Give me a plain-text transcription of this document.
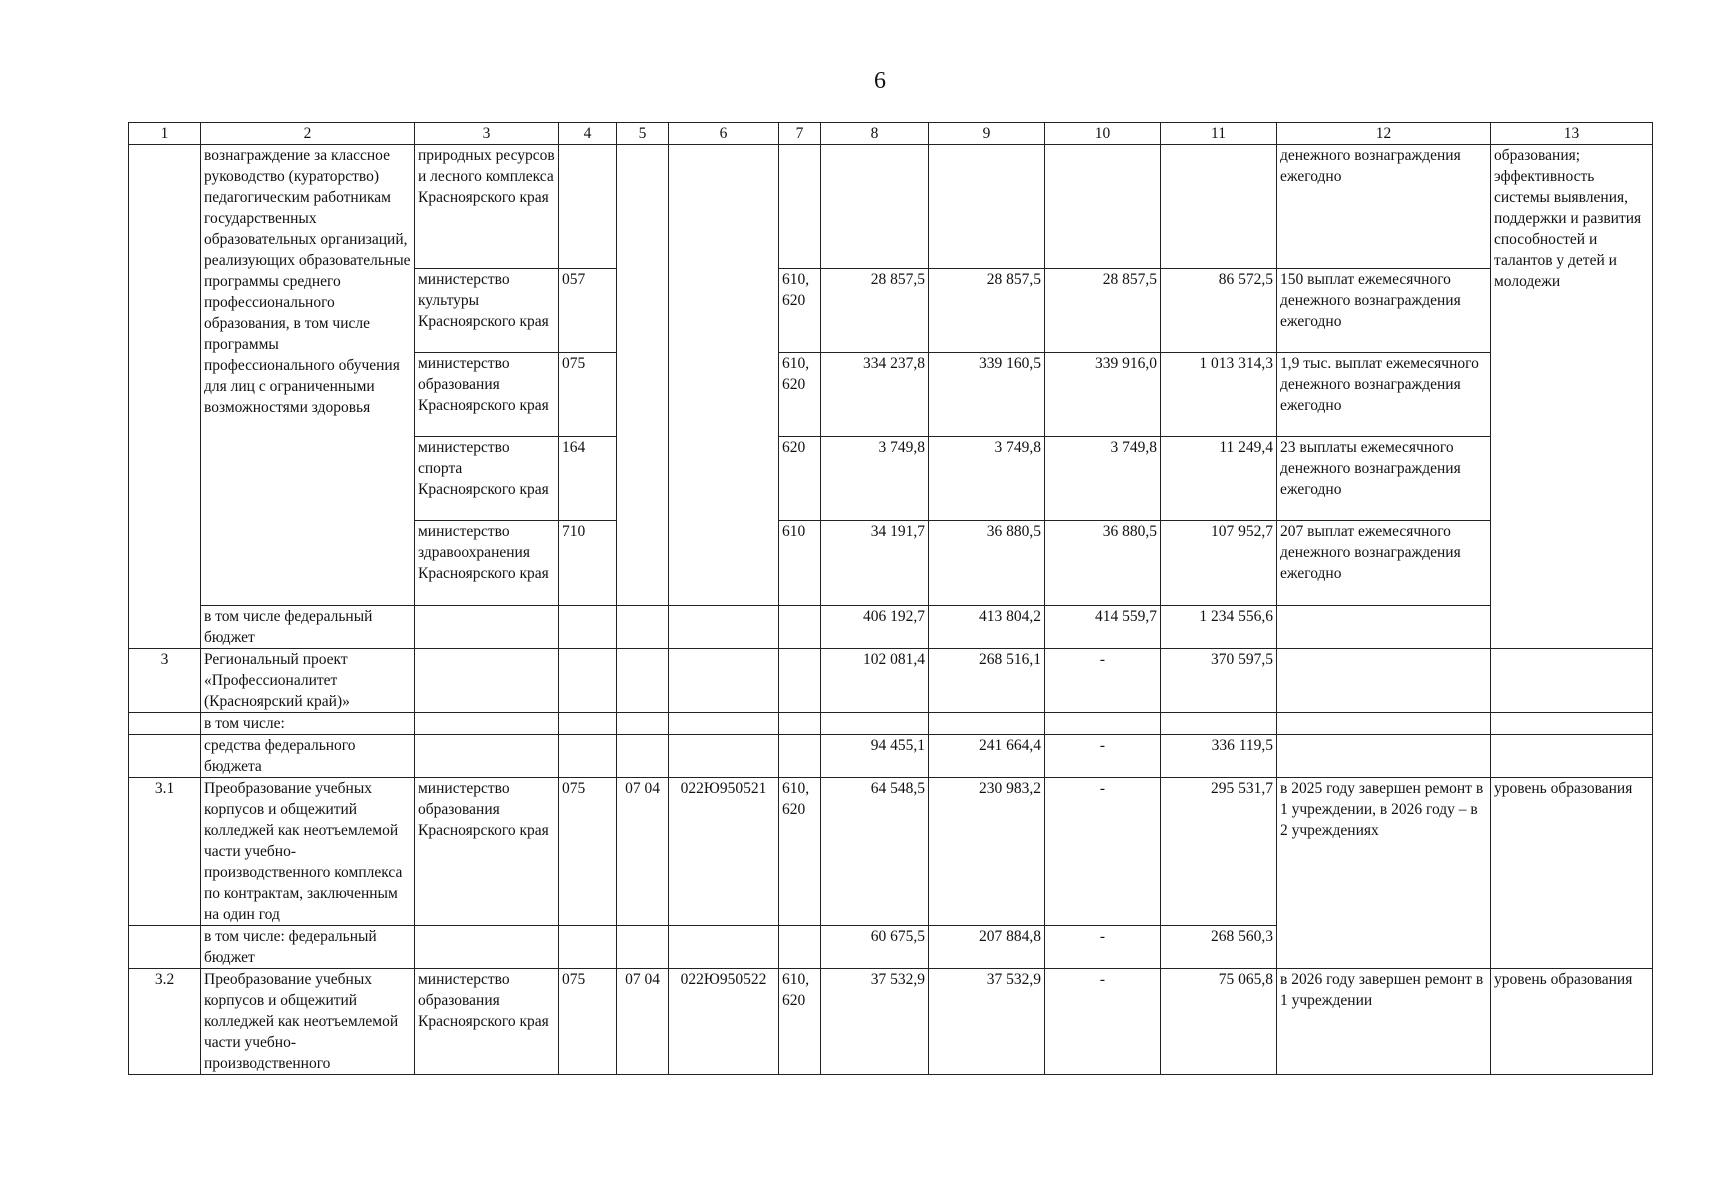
6
1	2	3	4	5	6	7	8	9	10	11	12	13
	вознаграждение за классное руководство (кураторство) педагогическим работникам государственных образовательных организаций, реализующих образовательные программы среднего профессионального образования, в том числе программы профессионального обучения для лиц с ограниченными возможностями здоровья	природных ресурсов и лесного комплекса Красноярского края									денежного вознаграждения ежегодно	образования; эффективность системы выявления, поддержки и развития способностей и талантов у детей и молодежи
		министерство культуры Красноярского края	057			610, 620	28 857,5	28 857,5	28 857,5	86 572,5	150 выплат ежемесячного денежного вознаграждения ежегодно	
		министерство образования Красноярского края	075			610, 620	334 237,8	339 160,5	339 916,0	1 013 314,3	1,9 тыс. выплат ежемесячного денежного вознаграждения ежегодно	
		министерство спорта Красноярского края	164			620	3 749,8	3 749,8	3 749,8	11 249,4	23 выплаты ежемесячного денежного вознаграждения ежегодно	
		министерство здравоохранения Красноярского края	710			610	34 191,7	36 880,5	36 880,5	107 952,7	207 выплат ежемесячного денежного вознаграждения ежегодно	
	в том числе федеральный бюджет						406 192,7	413 804,2	414 559,7	1 234 556,6		
3	Региональный проект «Профессионалитет (Красноярский край)»						102 081,4	268 516,1	-	370 597,5		
	в том числе:											
	средства федерального бюджета						94 455,1	241 664,4	-	336 119,5		
3.1	Преобразование учебных корпусов и общежитий колледжей как неотъемлемой части учебно-производственного комплекса по контрактам, заключенным на один год	министерство образования Красноярского края	075	07 04	022Ю950521	610, 620	64 548,5	230 983,2	-	295 531,7	в 2025 году завершен ремонт в 1 учреждении, в 2026 году – в 2 учреждениях	уровень образования
	в том числе: федеральный бюджет						60 675,5	207 884,8	-	268 560,3		
3.2	Преобразование учебных корпусов и общежитий колледжей как неотъемлемой части учебно-производственного	министерство образования Красноярского края	075	07 04	022Ю950522	610, 620	37 532,9	37 532,9	-	75 065,8	в 2026 году завершен ремонт в 1 учреждении	уровень образования
